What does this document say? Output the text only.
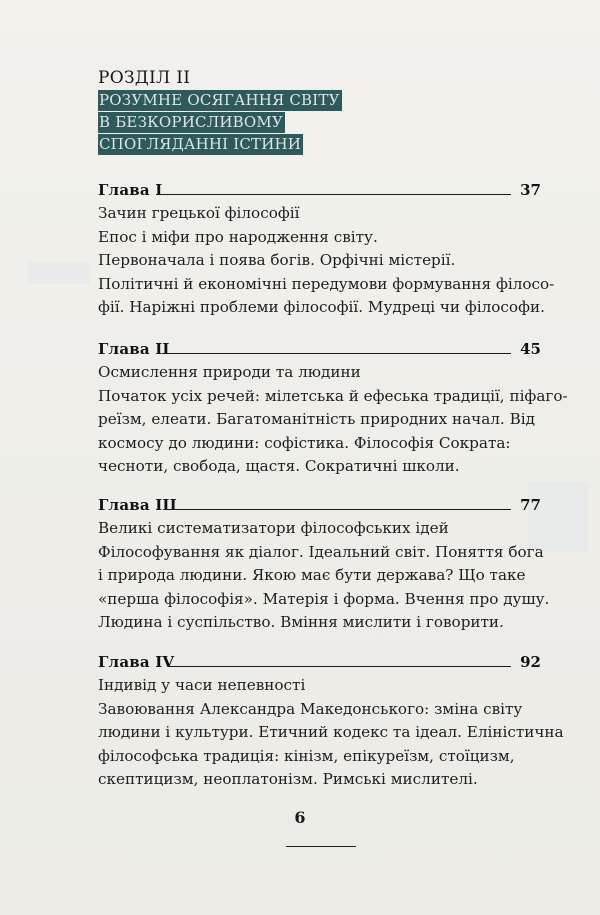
РОЗДІЛ ІІ
РОЗУМНЕ ОСЯГАННЯ СВІТУ
В БЕЗКОРИСЛИВОМУ
СПОГЛЯДАННІ ІСТИНИ
Глава І	37
Зачин грецької філософії
Епос і міфи про народження світу.
Первоначала і поява богів. Орфічні містерії.
Політичні й економічні передумови формування філосо-
фії. Наріжні проблеми філософії. Мудреці чи філософи.
Глава ІІ	45
Осмислення природи та людини
Початок усіх речей: мілетська й ефеська традиції, піфаго-
реїзм, елеати. Багатоманітність природних начал. Від
космосу до людини: софістика. Філософія Сократа:
чесноти, свобода, щастя. Сократичні школи.
Глава ІІІ	77
Великі систематизатори філософських ідей
Філософування як діалог. Ідеальний світ. Поняття бога
і природа людини. Якою має бути держава? Що таке
«перша філософія». Матерія і форма. Вчення про душу.
Людина і суспільство. Вміння мислити і говорити.
Глава IV	92
Індивід у часи непевності
Завоювання Александра Македонського: зміна світу
людини і культури. Етичний кодекс та ідеал. Еліністична
філософська традиція: кінізм, епікуреїзм, стоїцизм,
скептицизм, неоплатонізм. Римські мислителі.
6
